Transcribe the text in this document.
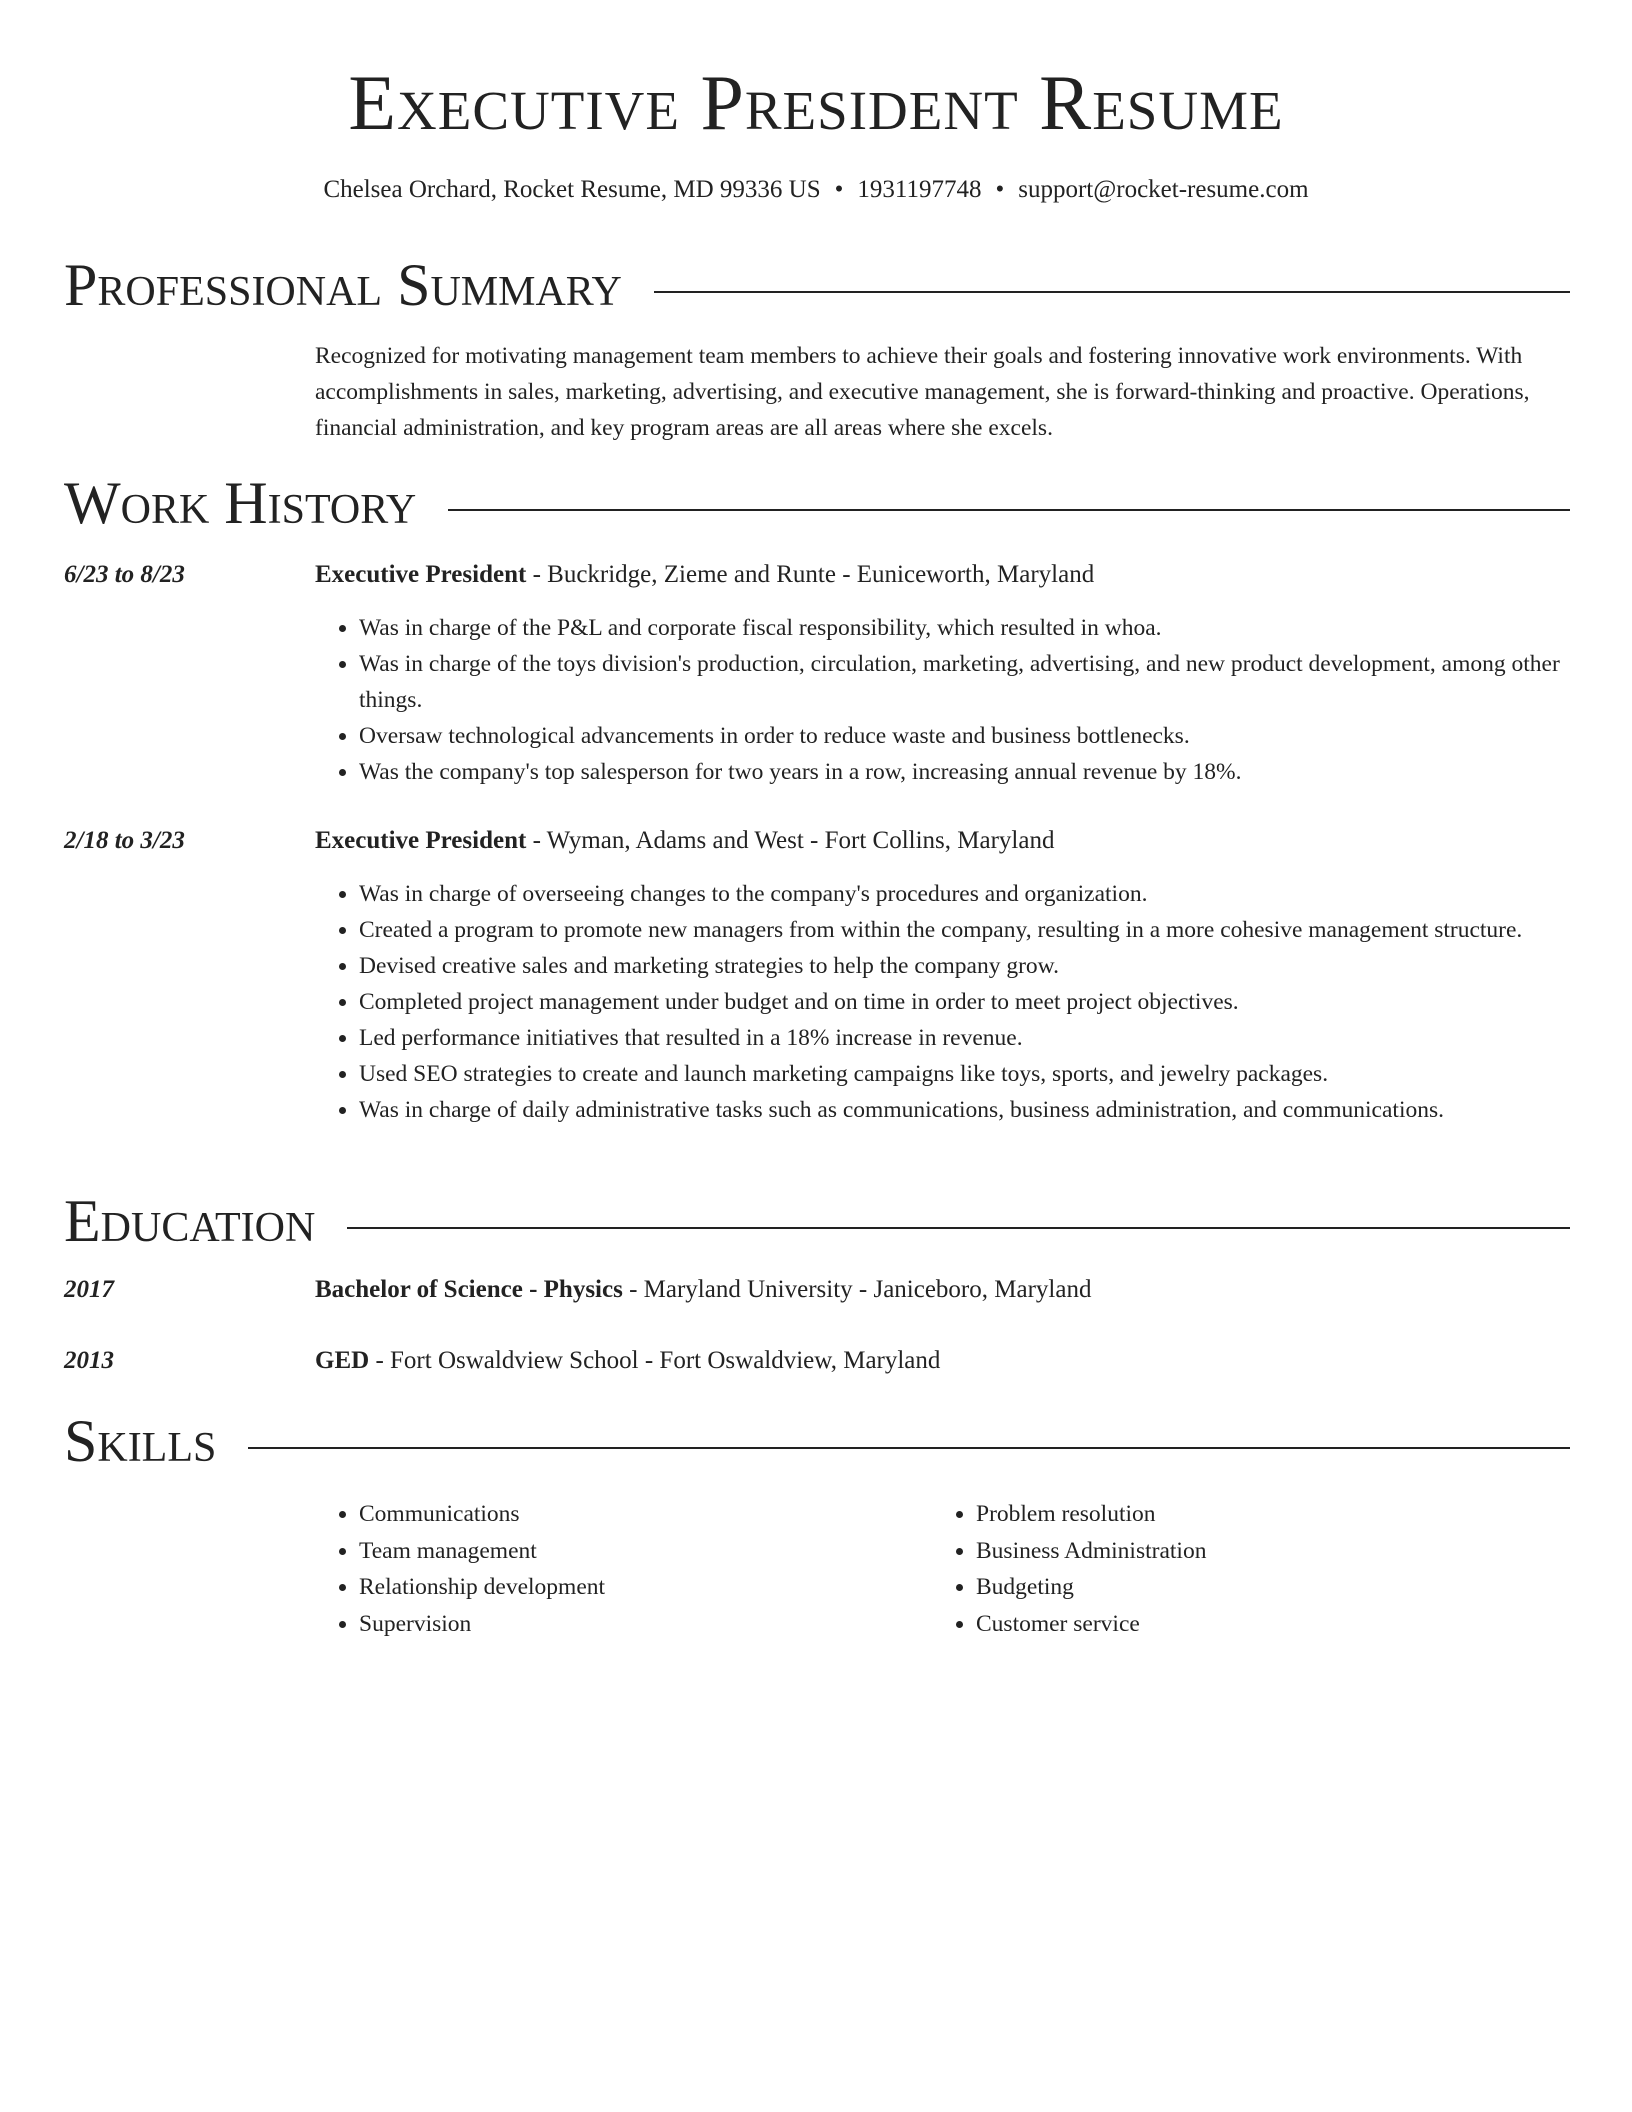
Executive President Resume
Chelsea Orchard, Rocket Resume, MD 99336 US • 1931197748 • support@rocket-resume.com
Professional Summary

Recognized for motivating management team members to achieve their goals and fostering innovative work environments. With accomplishments in sales, marketing, advertising, and executive management, she is forward-thinking and proactive. Operations, financial administration, and key program areas are all areas where she excels.

Work History
6/23 to 8/23	Executive President - Buckridge, Zieme and Runte - Euniceworth, Maryland
• Was in charge of the P&L and corporate fiscal responsibility, which resulted in whoa.
• Was in charge of the toys division's production, circulation, marketing, advertising, and new product development, among other things.
• Oversaw technological advancements in order to reduce waste and business bottlenecks.
• Was the company's top salesperson for two years in a row, increasing annual revenue by 18%.
2/18 to 3/23	Executive President - Wyman, Adams and West - Fort Collins, Maryland
• Was in charge of overseeing changes to the company's procedures and organization.
• Created a program to promote new managers from within the company, resulting in a more cohesive management structure.
• Devised creative sales and marketing strategies to help the company grow.
• Completed project management under budget and on time in order to meet project objectives.
• Led performance initiatives that resulted in a 18% increase in revenue.
• Used SEO strategies to create and launch marketing campaigns like toys, sports, and jewelry packages.
• Was in charge of daily administrative tasks such as communications, business administration, and communications.
Education
2017	Bachelor of Science - Physics - Maryland University - Janiceboro, Maryland
2013	GED - Fort Oswaldview School - Fort Oswaldview, Maryland
Skills
• Communications
• Team management
• Relationship development
• Supervision
• Problem resolution
• Business Administration
• Budgeting
• Customer service
